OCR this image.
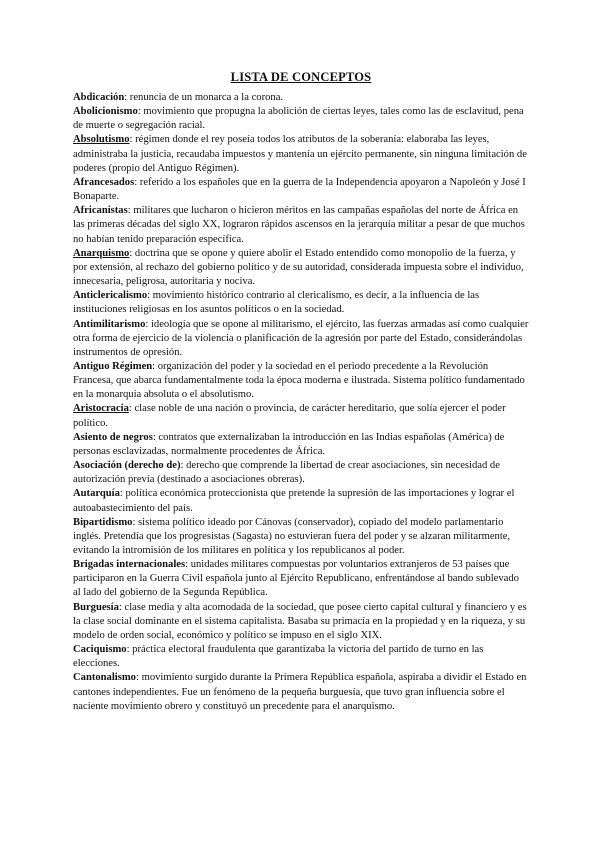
LISTA DE CONCEPTOS
Abdicación: renuncia de un monarca a la corona.
Abolicionismo: movimiento que propugna la abolición de ciertas leyes, tales como las de esclavitud, pena de muerte o segregación racial.
Absolutismo: régimen donde el rey poseía todos los atributos de la soberanía: elaboraba las leyes, administraba la justicia, recaudaba impuestos y mantenía un ejército permanente, sin ninguna limitación de poderes (propio del Antiguo Régimen).
Afrancesados: referido a los españoles que en la guerra de la Independencia apoyaron a Napoleón y José I Bonaparte.
Africanistas: militares que lucharon o hicieron méritos en las campañas españolas del norte de África en las primeras décadas del siglo XX, lograron rápidos ascensos en la jerarquía militar a pesar de que muchos no habían tenido preparación específica.
Anarquismo: doctrina que se opone y quiere abolir el Estado entendido como monopolio de la fuerza, y por extensión, al rechazo del gobierno político y de su autoridad, considerada impuesta sobre el individuo, innecesaria, peligrosa, autoritaria y nociva.
Anticlericalismo: movimiento histórico contrario al clericalismo, es decir, a la influencia de las instituciones religiosas en los asuntos políticos o en la sociedad.
Antimilitarismo: ideología que se opone al militarismo, el ejército, las fuerzas armadas así como cualquier otra forma de ejercicio de la violencia o planificación de la agresión por parte del Estado, considerándolas instrumentos de opresión.
Antiguo Régimen: organización del poder y la sociedad en el periodo precedente a la Revolución Francesa, que abarca fundamentalmente toda la época moderna e ilustrada. Sistema político fundamentado en la monarquía absoluta o el absolutismo.
Aristocracia: clase noble de una nación o provincia, de carácter hereditario, que solía ejercer el poder político.
Asiento de negros: contratos que externalizaban la introducción en las Indias españolas (América) de personas esclavizadas, normalmente procedentes de África.
Asociación (derecho de): derecho que comprende la libertad de crear asociaciones, sin necesidad de autorización previa (destinado a asociaciones obreras).
Autarquía: política económica proteccionista que pretende la supresión de las importaciones y lograr el autoabastecimiento del país.
Bipartidismo: sistema político ideado por Cánovas (conservador), copiado del modelo parlamentario inglés. Pretendía que los progresistas (Sagasta) no estuvieran fuera del poder y se alzaran militarmente, evitando la intromisión de los militares en política y los republicanos al poder.
Brigadas internacionales: unidades militares compuestas por voluntarios extranjeros de 53 países que participaron en la Guerra Civil española junto al Ejército Republicano, enfrentándose al bando sublevado al lado del gobierno de la Segunda República.
Burguesía: clase media y alta acomodada de la sociedad, que posee cierto capital cultural y financiero y es la clase social dominante en el sistema capitalista. Basaba su primacía en la propiedad y en la riqueza, y su modelo de orden social, económico y político se impuso en el siglo XIX.
Caciquismo: práctica electoral fraudulenta que garantizaba la victoria del partido de turno en las elecciones.
Cantonalismo: movimiento surgido durante la Primera República española, aspiraba a dividir el Estado en cantones independientes. Fue un fenómeno de la pequeña burguesía, que tuvo gran influencia sobre el naciente movimiento obrero y constituyó un precedente para el anarquismo.
